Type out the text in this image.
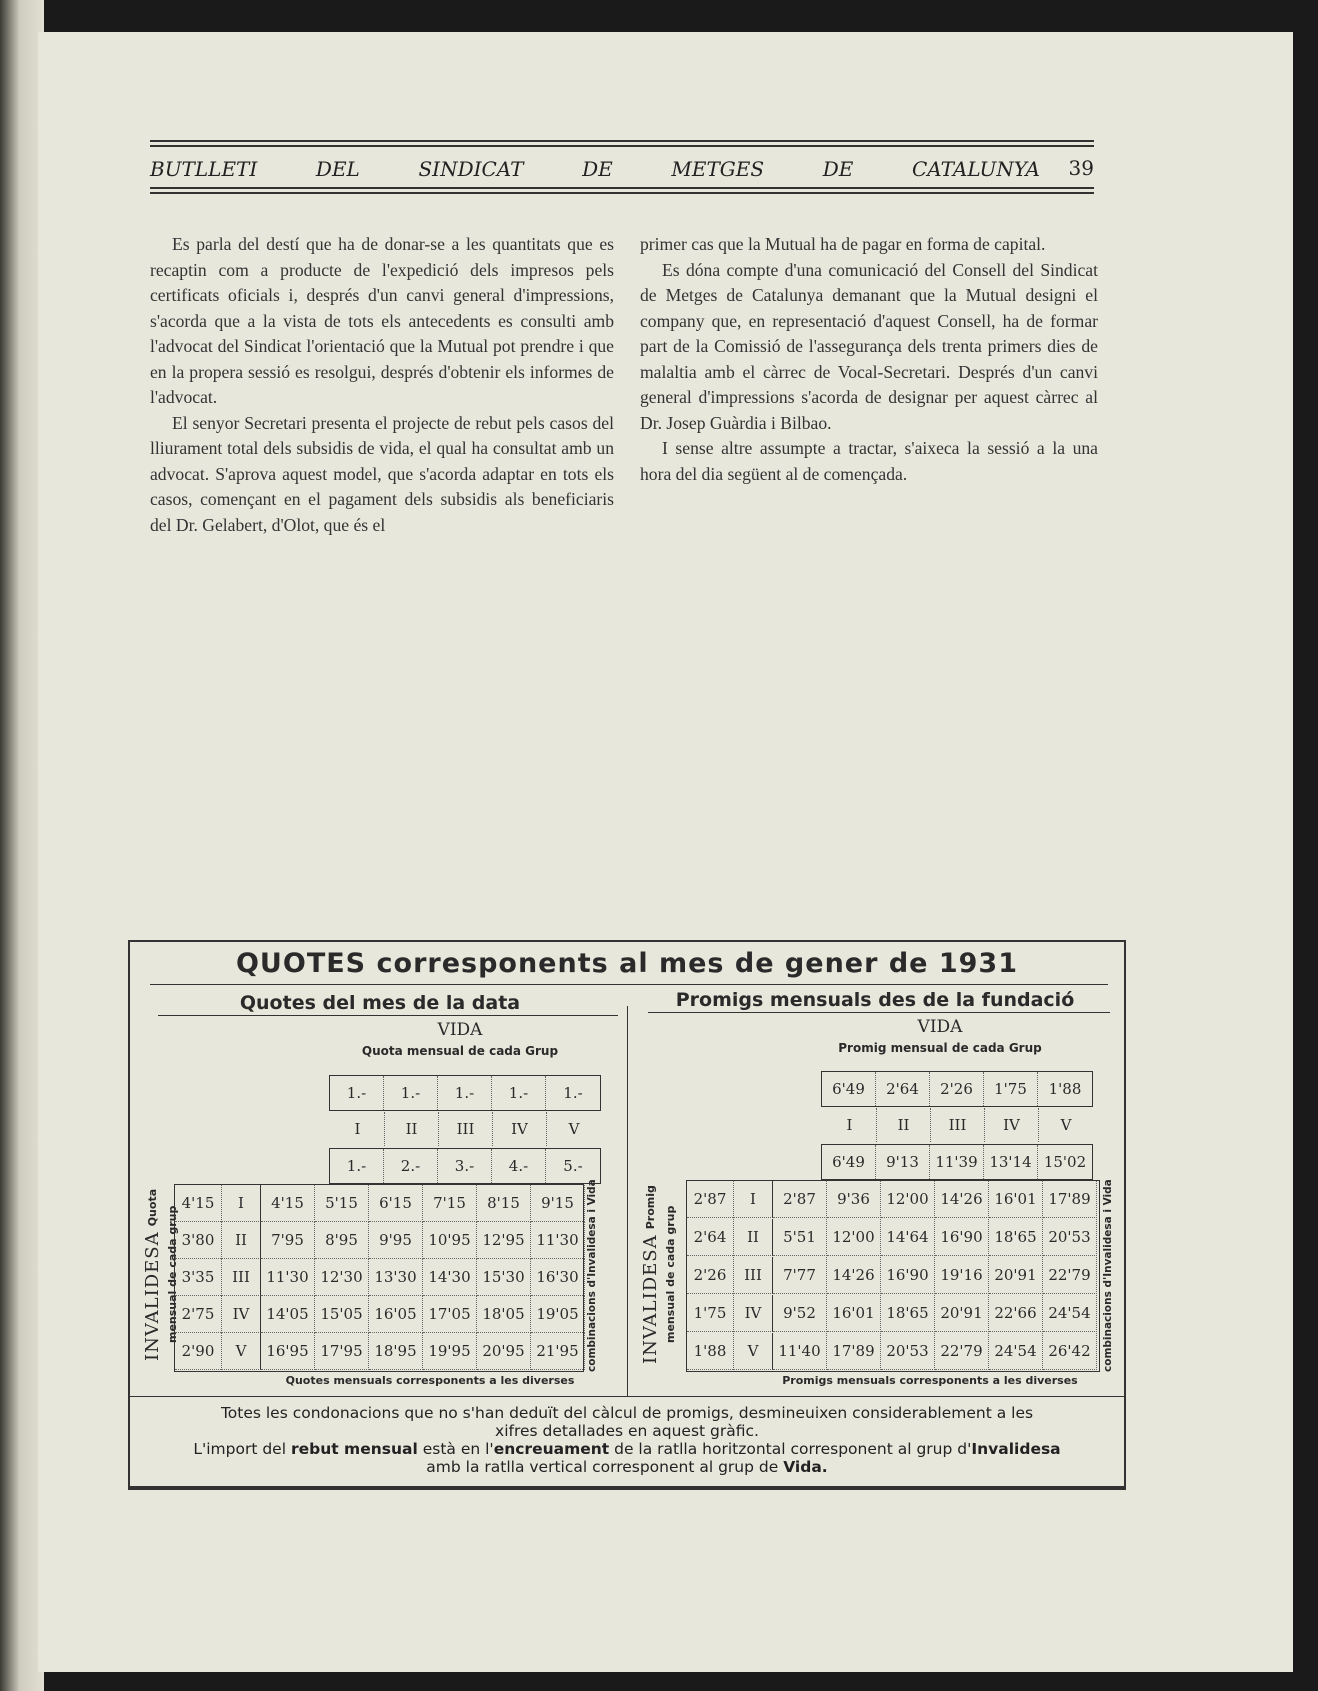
BUTLLETI	DEL	SINDICAT	DE	METGES	DE	CATALUNYA 39

Es parla del destí que ha de donar-se a les quantitats que es recaptin com a producte de l'expedició dels impresos pels certificats oficials i, després d'un canvi general d'impressions, s'acorda que a la vista de tots els antecedents es consulti amb l'advocat del Sindicat l'orientació que la Mutual pot prendre i que en la propera sessió es resolgui, després d'obtenir els informes de l'advocat.

El senyor Secretari presenta el projecte de rebut pels casos del lliurament total dels subsidis de vida, el qual ha consultat amb un advocat. S'aprova aquest model, que s'acorda adaptar en tots els casos, començant en el pagament dels subsidis als beneficiaris del Dr. Gelabert, d'Olot, que és el

primer cas que la Mutual ha de pagar en forma de capital.

Es dóna compte d'una comunicació del Consell del Sindicat de Metges de Catalunya demanant que la Mutual designi el company que, en representació d'aquest Consell, ha de formar part de la Comissió de l'assegurança dels trenta primers dies de malaltia amb el càrrec de Vocal-Secretari. Després d'un canvi general d'impressions s'acorda de designar per aquest càrrec al Dr. Josep Guàrdia i Bilbao.

I sense altre assumpte a tractar, s'aixeca la sessió a la una hora del dia següent al de començada.

QUOTES corresponents al mes de gener de 1931
Quotes del mes de la data
VIDA
Quota mensual de cada Grup
1.-	1.-	1.-	1.-	1.-
I	II	III	IV	V
1.-	2.-	3.-	4.-	5.-
INVALIDESA Quota mensual de cada grup
4'15	I	4'15	5'15	6'15	7'15	8'15	9'15
3'80	II	7'95	8'95	9'95	10'95 12'95 11'30
3'35	III	11'30 12'30 13'30 14'30 15'30 16'30
2'75	IV	14'05 15'05 16'05 17'05 18'05 19'05
2'90	V	16'95 17'95 18'95 19'95 20'95 21'95 combinacions d'Invalidesa i Vida
Quotes mensuals corresponents a les diverses
Promigs mensuals des de la fundació
VIDA
Promig mensual de cada Grup
6'49	2'64	2'26	1'75	1'88
I	II	III	IV	V
6'49	9'13	11'39 13'14 15'02
INVALIDESA Promig mensual de cada grup
2'87	I	2'87	9'36	12'00 14'26 16'01 17'89
2'64	II	5'51	12'00 14'64 16'90 18'65 20'53
2'26	III	7'77	14'26 16'90 19'16 20'91 22'79
1'75	IV	9'52	16'01 18'65 20'91 22'66 24'54
1'88	V	11'40 17'89 20'53 22'79 24'54 26'42	combinacions d'Invalidesa i Vida
Promigs mensuals corresponents a les diverses
Totes les condonacions que no s'han deduït del càlcul de promigs, desmineuixen considerablement a les
xifres detallades en aquest gràfic.
L'import del rebut mensual està en l'encreuament de la ratlla horitzontal corresponent al grup d'Invalidesa
amb la ratlla vertical corresponent al grup de Vida.
